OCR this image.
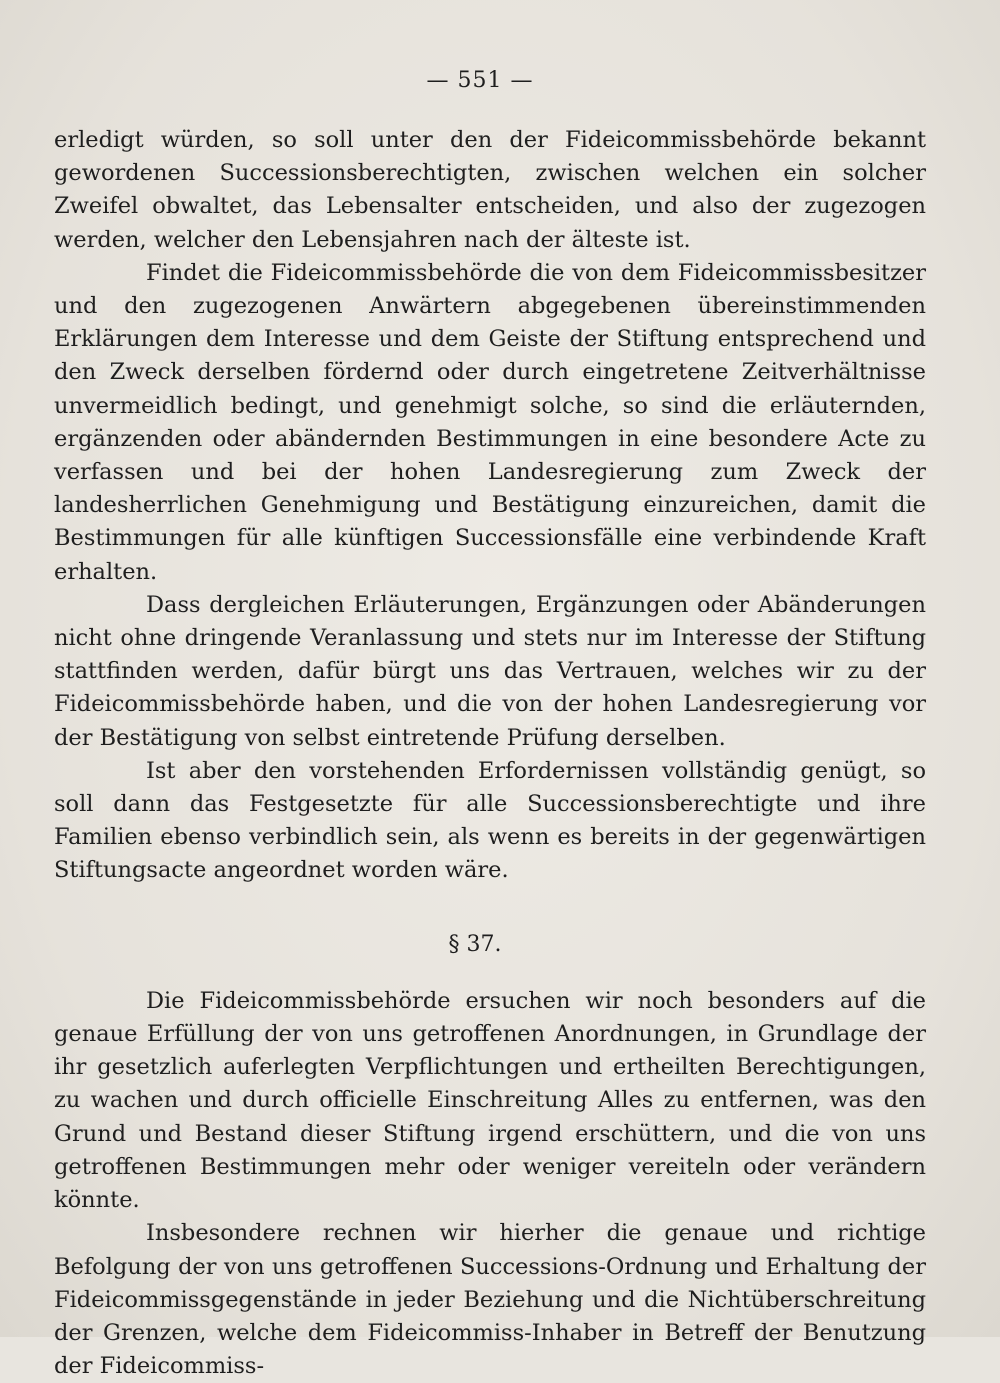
— 551 —

erledigt würden, so soll unter den der Fideicommissbehörde bekannt gewordenen Successionsberechtigten, zwischen welchen ein solcher Zweifel obwaltet, das Lebensalter entscheiden, und also der zugezogen werden, welcher den Lebensjahren nach der älteste ist.

Findet die Fideicommissbehörde die von dem Fideicommissbesitzer und den zugezogenen Anwärtern abgegebenen übereinstimmenden Erklärungen dem Interesse und dem Geiste der Stiftung entsprechend und den Zweck derselben fördernd oder durch eingetretene Zeitverhältnisse unvermeidlich bedingt, und genehmigt solche, so sind die erläuternden, ergänzenden oder abändernden Bestimmungen in eine besondere Acte zu verfassen und bei der hohen Landesregierung zum Zweck der landesherrlichen Genehmigung und Bestätigung einzureichen, damit die Bestimmungen für alle künftigen Successionsfälle eine verbindende Kraft erhalten.

Dass dergleichen Erläuterungen, Ergänzungen oder Abänderungen nicht ohne dringende Veranlassung und stets nur im Interesse der Stiftung stattfinden werden, dafür bürgt uns das Vertrauen, welches wir zu der Fideicommissbehörde haben, und die von der hohen Landesregierung vor der Bestätigung von selbst eintretende Prüfung derselben.

Ist aber den vorstehenden Erfordernissen vollständig genügt, so soll dann das Festgesetzte für alle Successionsberechtigte und ihre Familien ebenso verbindlich sein, als wenn es bereits in der gegenwärtigen Stiftungsacte angeordnet worden wäre.

§ 37.

Die Fideicommissbehörde ersuchen wir noch besonders auf die genaue Erfüllung der von uns getroffenen Anordnungen, in Grundlage der ihr gesetzlich auferlegten Verpflichtungen und ertheilten Berechtigungen, zu wachen und durch officielle Einschreitung Alles zu entfernen, was den Grund und Bestand dieser Stiftung irgend erschüttern, und die von uns getroffenen Bestimmungen mehr oder weniger vereiteln oder verändern könnte.

Insbesondere rechnen wir hierher die genaue und richtige Befolgung der von uns getroffenen Successions-Ordnung und Erhaltung der Fideicommissgegenstände in jeder Beziehung und die Nichtüberschreitung der Grenzen, welche dem Fideicommiss-Inhaber in Betreff der Benutzung der Fideicommiss-
